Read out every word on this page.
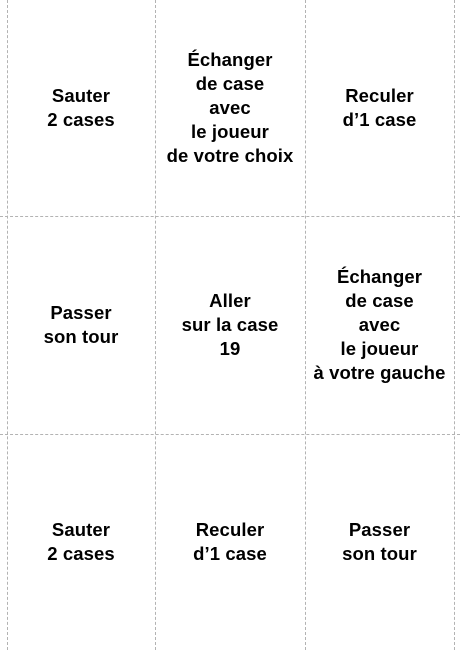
Sauter
2 cases
Échanger
de case
avec
le joueur
de votre choix
Reculer
d’1 case
Passer
son tour
Aller
sur la case
19
Échanger
de case
avec
le joueur
à votre gauche
Sauter
2 cases
Reculer
d’1 case
Passer
son tour
